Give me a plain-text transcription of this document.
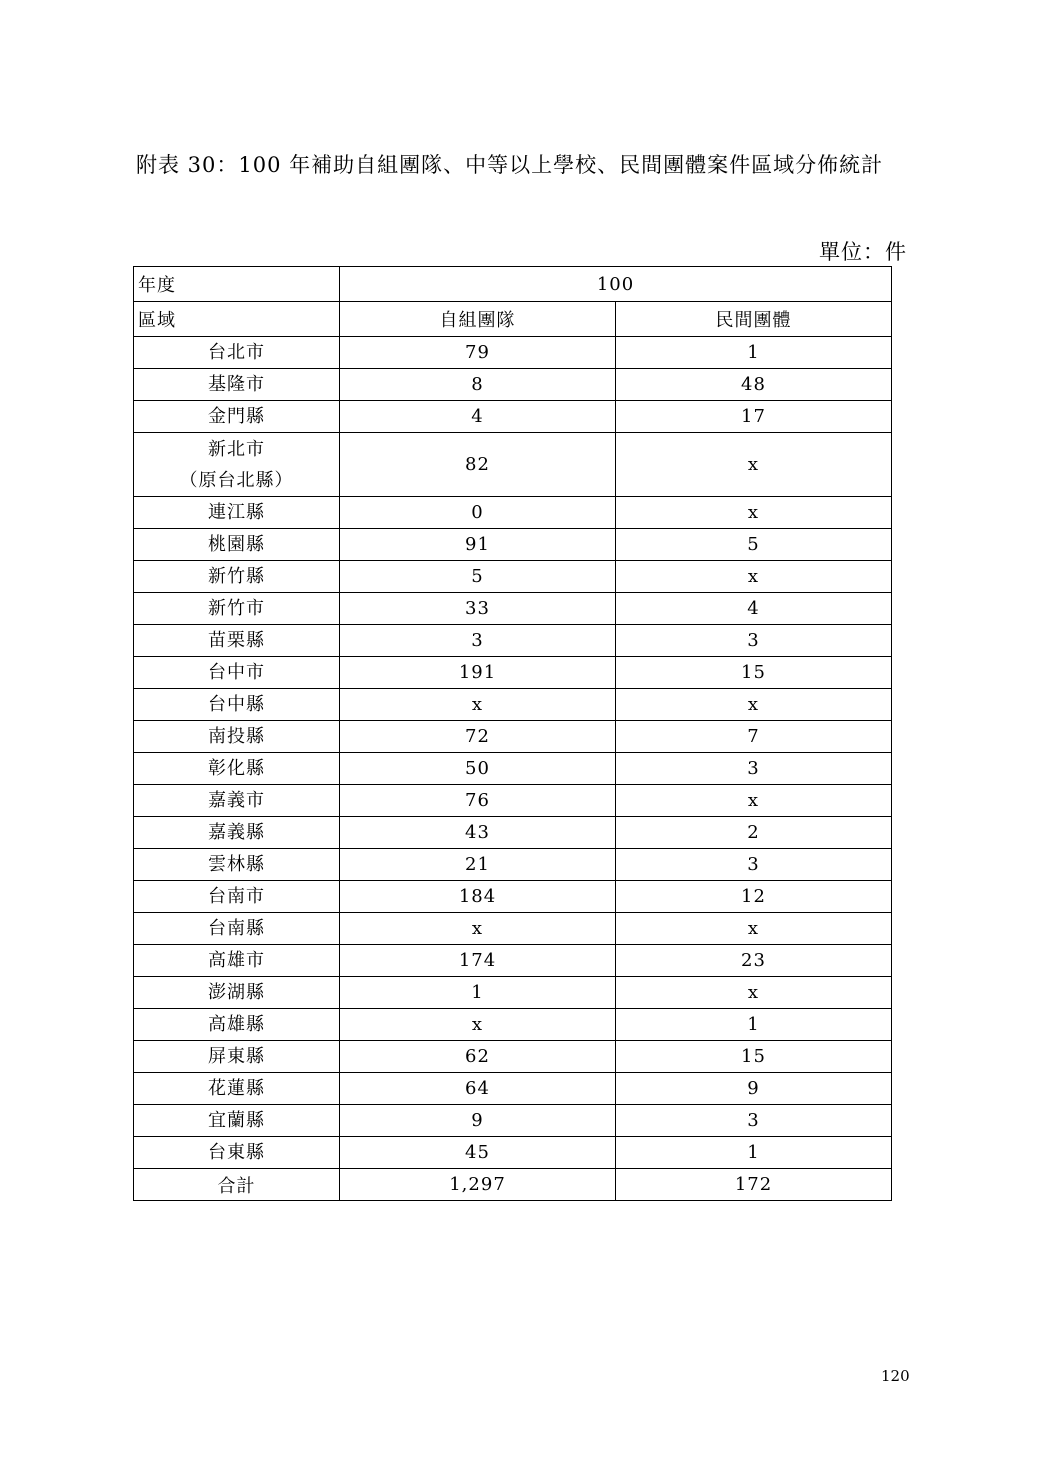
附表 30：100 年補助自組團隊、中等以上學校、民間團體案件區域分佈統計
單位：件
年度	100	
區域	自組團隊	民間團體

台北市	79	1

基隆市	8	48

金門縣	4	17

新北市
（原台北縣）	82	x

連江縣	0	x

桃園縣	91	5

新竹縣	5	x

新竹市	33	4

苗栗縣	3	3

台中市	191	15

台中縣	x	x

南投縣	72	7

彰化縣	50	3

嘉義市	76	x

嘉義縣	43	2

雲林縣	21	3

台南市	184	12

台南縣	x	x

高雄市	174	23

澎湖縣	1	x

高雄縣	x	1

屏東縣	62	15

花蓮縣	64	9

宜蘭縣	9	3

台東縣	45	1
合計	1,297	172
120
